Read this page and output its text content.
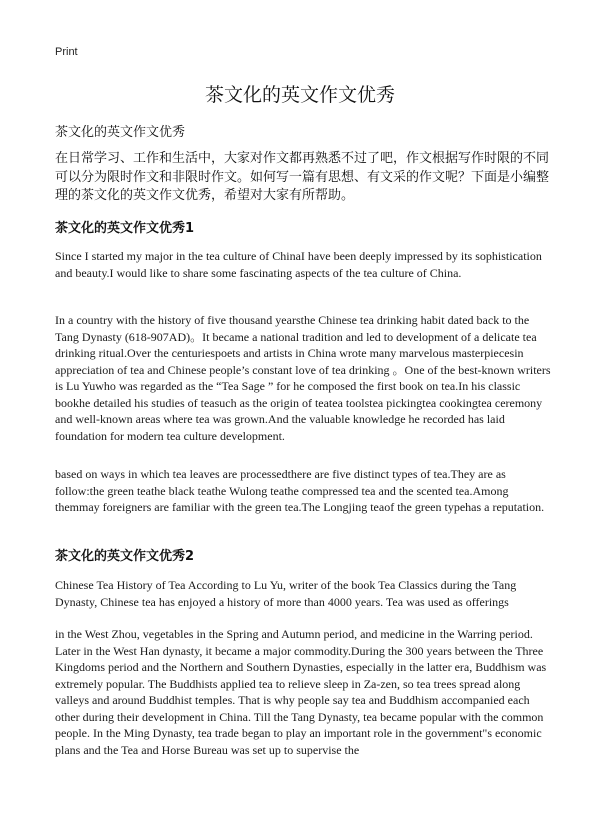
Print
茶文化的英文作文优秀
茶文化的英文作文优秀

在日常学习、工作和生活中，大家对作文都再熟悉不过了吧，作文根据写作时限的不同可以分为限时作文和非限时作文。如何写一篇有思想、有文采的作文呢？下面是小编整理的茶文化的英文作文优秀，希望对大家有所帮助。

茶文化的英文作文优秀1

Since I started my major in the tea culture of ChinaI have been deeply impressed by its sophistication and beauty.I would like to share some fascinating aspects of the tea culture of China.

In a country with the history of five thousand yearsthe Chinese tea drinking habit dated back to the Tang Dynasty (618-907AD)。It became a national tradition and led to development of a delicate tea drinking ritual.Over the centuriespoets and artists in China wrote many marvelous masterpiecesin appreciation of tea and Chinese people’s constant love of tea drinking 。One of the best-known writers is Lu Yuwho was regarded as the “Tea Sage ” for he composed the first book on tea.In his classic bookhe detailed his studies of teasuch as the origin of teatea toolstea pickingtea cookingtea ceremony and well-known areas where tea was grown.And the valuable knowledge he recorded has laid foundation for modern tea culture development.

based on ways in which tea leaves are processedthere are five distinct types of tea.They are as follow:the green teathe black teathe Wulong teathe compressed tea and the scented tea.Among themmay foreigners are familiar with the green tea.The Longjing teaof the green typehas a reputation.

茶文化的英文作文优秀2

Chinese Tea History of Tea According to Lu Yu, writer of the book Tea Classics during the Tang Dynasty, Chinese tea has enjoyed a history of more than 4000 years. Tea was used as offerings

in the West Zhou, vegetables in the Spring and Autumn period, and medicine in the Warring period. Later in the West Han dynasty, it became a major commodity.During the 300 years between the Three Kingdoms period and the Northern and Southern Dynasties, especially in the latter era, Buddhism was extremely popular. The Buddhists applied tea to relieve sleep in Za-zen, so tea trees spread along valleys and around Buddhist temples. That is why people say tea and Buddhism accompanied each other during their development in China. Till the Tang Dynasty, tea became popular with the common people. In the Ming Dynasty, tea trade began to play an important role in the government"s economic plans and the Tea and Horse Bureau was set up to supervise the
